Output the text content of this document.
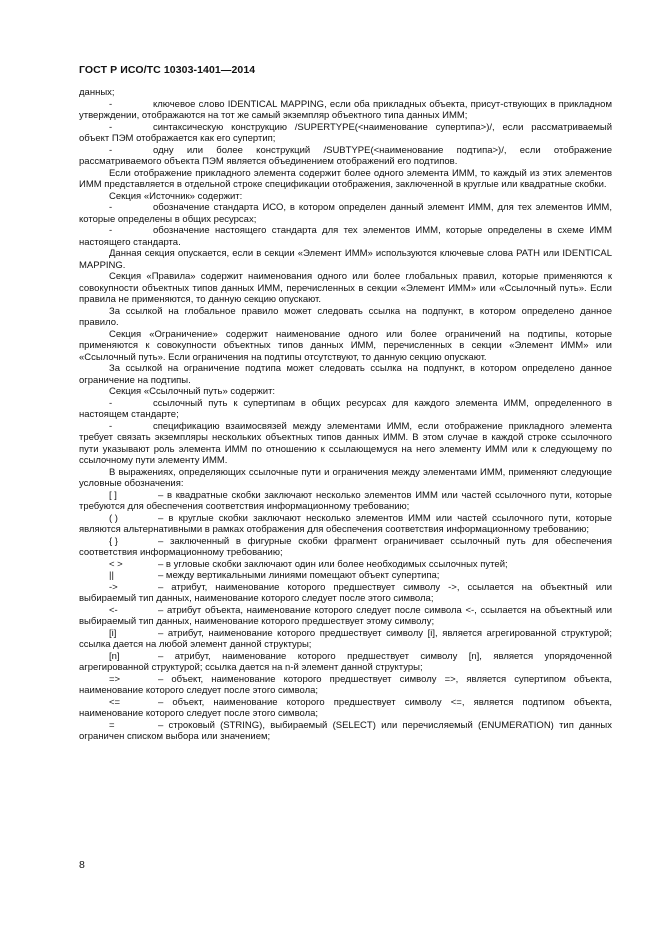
ГОСТ Р ИСО/ТС 10303-1401—2014

данных;

-	ключевое слово IDENTICAL MAPPING, если оба прикладных объекта, присут-ствующих в прикладном утверждении, отображаются на тот же самый экземпляр объектного типа данных ИММ;

-	синтаксическую конструкцию /SUPERTYPE(<наименование супертипа>)/, если рассматриваемый объект ПЭМ отображается как его супертип;

-	одну или более конструкций /SUBTYPE(<наименование подтипа>)/, если отображение рассматриваемого объекта ПЭМ является объединением отображений его подтипов.

Если отображение прикладного элемента содержит более одного элемента ИММ, то каждый из этих элементов ИММ представляется в отдельной строке спецификации отображения, заключенной в круглые или квадратные скобки.

Секция «Источник» содержит:

-	обозначение стандарта ИСО, в котором определен данный элемент ИММ, для тех элементов ИММ, которые определены в общих ресурсах;

-	обозначение настоящего стандарта для тех элементов ИММ, которые определены в схеме ИММ настоящего стандарта.

Данная секция опускается, если в секции «Элемент ИММ» используются ключевые слова PATH или IDENTICAL MAPPING.

Секция «Правила» содержит наименования одного или более глобальных правил, которые применяются к совокупности объектных типов данных ИММ, перечисленных в секции «Элемент ИММ» или «Ссылочный путь». Если правила не применяются, то данную секцию опускают.

За ссылкой на глобальное правило может следовать ссылка на подпункт, в котором определено данное правило.

Секция «Ограничение» содержит наименование одного или более ограничений на подтипы, которые применяются к совокупности объектных типов данных ИММ, перечисленных в секции «Элемент ИММ» или «Ссылочный путь». Если ограничения на подтипы отсутствуют, то данную секцию опускают.

За ссылкой на ограничение подтипа может следовать ссылка на подпункт, в котором определено данное ограничение на подтипы.

Секция «Ссылочный путь» содержит:

-	ссылочный путь к супертипам в общих ресурсах для каждого элемента ИММ, определенного в настоящем стандарте;

-	спецификацию взаимосвязей между элементами ИММ, если отображение прикладного элемента требует связать экземпляры нескольких объектных типов данных ИММ. В этом случае в каждой строке ссылочного пути указывают роль элемента ИММ по отношению к ссылающемуся на него элементу ИММ или к следующему по ссылочному пути элементу ИММ.

В выражениях, определяющих ссылочные пути и ограничения между элементами ИММ, применяют следующие условные обозначения:

[ ]	– в квадратные скобки заключают несколько элементов ИММ или частей ссылочного пути, которые требуются для обеспечения соответствия информационному требованию;

( )	– в круглые скобки заключают несколько элементов ИММ или частей ссылочного пути, которые являются альтернативными в рамках отображения для обеспечения соответствия информационному требованию;

{ }	– заключенный в фигурные скобки фрагмент ограничивает ссылочный путь для обеспечения соответствия информационному требованию;

< >	– в угловые скобки заключают один или более необходимых ссылочных путей;

||	– между вертикальными линиями помещают объект супертипа;

->	– атрибут, наименование которого предшествует символу ->, ссылается на объектный или выбираемый тип данных, наименование которого следует после этого символа;

<-	– атрибут объекта, наименование которого следует после символа <-, ссылается на объектный или выбираемый тип данных, наименование которого предшествует этому символу;

[i]	– атрибут, наименование которого предшествует символу [i], является агрегированной структурой; ссылка дается на любой элемент данной структуры;

[n]	– атрибут, наименование которого предшествует символу [n], является упорядоченной агрегированной структурой; ссылка дается на n-й элемент данной структуры;

=>	– объект, наименование которого предшествует символу =>, является супертипом объекта, наименование которого следует после этого символа;

<=	– объект, наименование которого предшествует символу <=, является подтипом объекта, наименование которого следует после этого символа;

=	– строковый (STRING), выбираемый (SELECT) или перечисляемый (ENUMERATION) тип данных ограничен списком выбора или значением;

8
